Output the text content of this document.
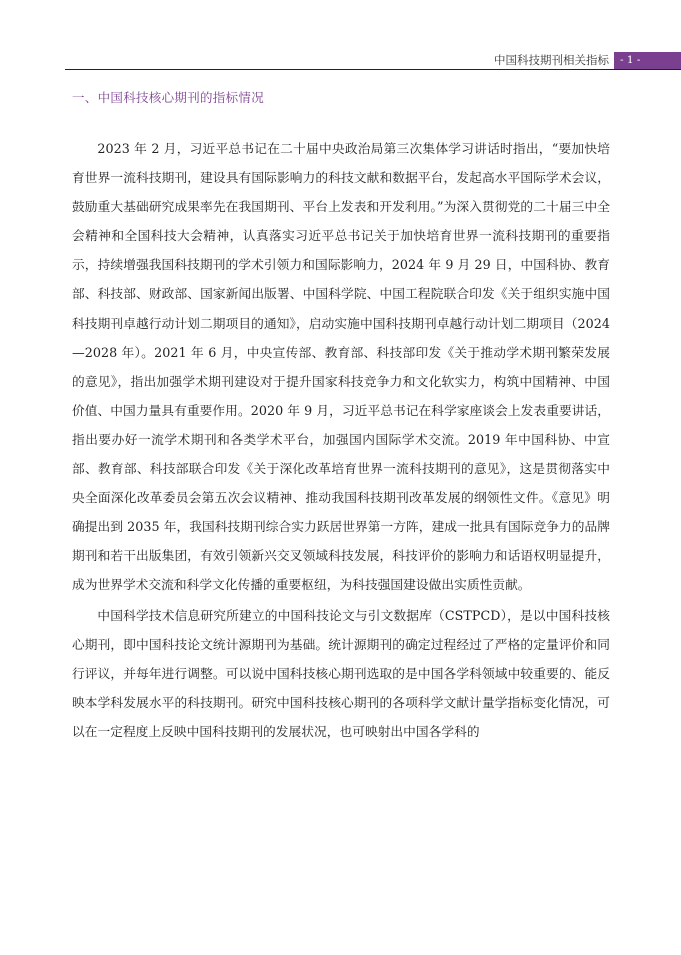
中国科技期刊相关指标	- 1 -
一、中国科技核心期刊的指标情况

2023 年 2 月，习近平总书记在二十届中央政治局第三次集体学习讲话时指出，“要加快培育世界一流科技期刊，建设具有国际影响力的科技文献和数据平台，发起高水平国际学术会议，鼓励重大基础研究成果率先在我国期刊、平台上发表和开发利用。”为深入贯彻党的二十届三中全会精神和全国科技大会精神，认真落实习近平总书记关于加快培育世界一流科技期刊的重要指示，持续增强我国科技期刊的学术引领力和国际影响力，2024 年 9 月 29 日，中国科协、教育部、科技部、财政部、国家新闻出版署、中国科学院、中国工程院联合印发《关于组织实施中国科技期刊卓越行动计划二期项目的通知》，启动实施中国科技期刊卓越行动计划二期项目（2024—2028 年）。2021 年 6 月，中央宣传部、教育部、科技部印发《关于推动学术期刊繁荣发展的意见》，指出加强学术期刊建设对于提升国家科技竞争力和文化软实力，构筑中国精神、中国价值、中国力量具有重要作用。2020 年 9 月，习近平总书记在科学家座谈会上发表重要讲话，指出要办好一流学术期刊和各类学术平台，加强国内国际学术交流。2019 年中国科协、中宣部、教育部、科技部联合印发《关于深化改革培育世界一流科技期刊的意见》，这是贯彻落实中央全面深化改革委员会第五次会议精神、推动我国科技期刊改革发展的纲领性文件。《意见》明确提出到 2035 年，我国科技期刊综合实力跃居世界第一方阵，建成一批具有国际竞争力的品牌期刊和若干出版集团，有效引领新兴交叉领域科技发展，科技评价的影响力和话语权明显提升，成为世界学术交流和科学文化传播的重要枢纽，为科技强国建设做出实质性贡献。

中国科学技术信息研究所建立的中国科技论文与引文数据库（CSTPCD），是以中国科技核心期刊，即中国科技论文统计源期刊为基础。统计源期刊的确定过程经过了严格的定量评价和同行评议，并每年进行调整。可以说中国科技核心期刊选取的是中国各学科领域中较重要的、能反映本学科发展水平的科技期刊。研究中国科技核心期刊的各项科学文献计量学指标变化情况，可以在一定程度上反映中国科技期刊的发展状况，也可映射出中国各学科的
